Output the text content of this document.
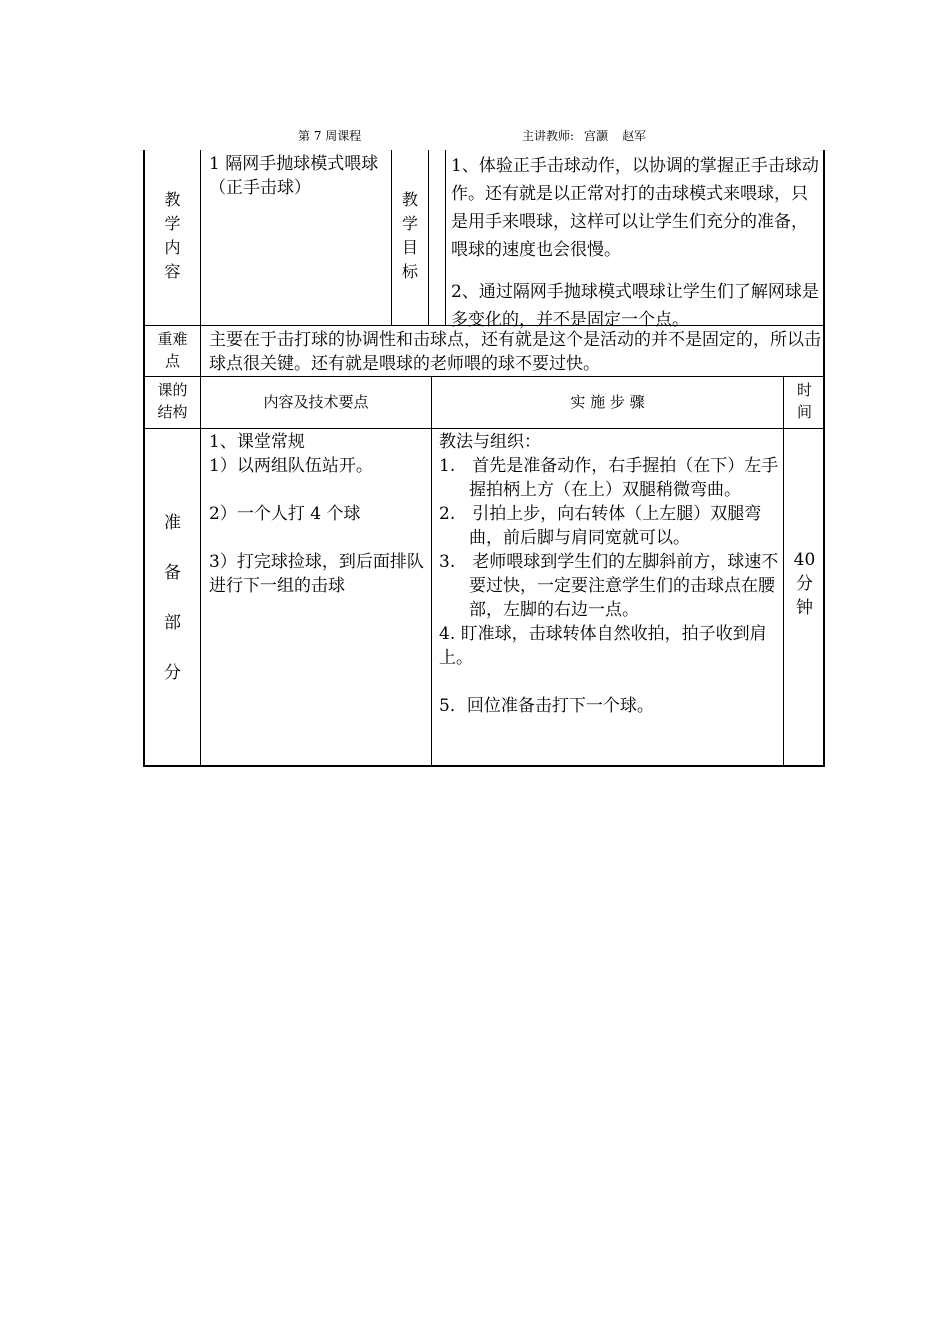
第 7 周课程	主讲教师: 宫灏 赵军
教
学
内
容
1 隔网手抛球模式喂球 （正手击球）
教
学
目
标

1、体验正手击球动作，以协调的掌握正手击球动作。还有就是以正常对打的击球模式来喂球，只是用手来喂球，这样可以让学生们充分的准备，喂球的速度也会很慢。

2、通过隔网手抛球模式喂球让学生们了解网球是多变化的，并不是固定一个点。

重难
点
主要在于击打球的协调性和击球点，还有就是这个是活动的并不是固定的，所以击球点很关键。还有就是喂球的老师喂的球不要过快。
课的
结构
内容及技术要点	实 施 步 骤
时
间
准
备
部
分

1、课堂常规

1）以两组队伍站开。

2）一个人打 4 个球

3）打完球捡球，到后面排队进行下一组的击球

教法与组织：

1.　首先是准备动作，右手握拍（在下）左手握拍柄上方（在上）双腿稍微弯曲。

2.　引拍上步，向右转体（上左腿）双腿弯曲，前后脚与肩同宽就可以。

3.　老师喂球到学生们的左脚斜前方，球速不要过快，一定要注意学生们的击球点在腰部，左脚的右边一点。

4. 盯准球，击球转体自然收拍，拍子收到肩上。

5．回位准备击打下一个球。

40
分
钟
